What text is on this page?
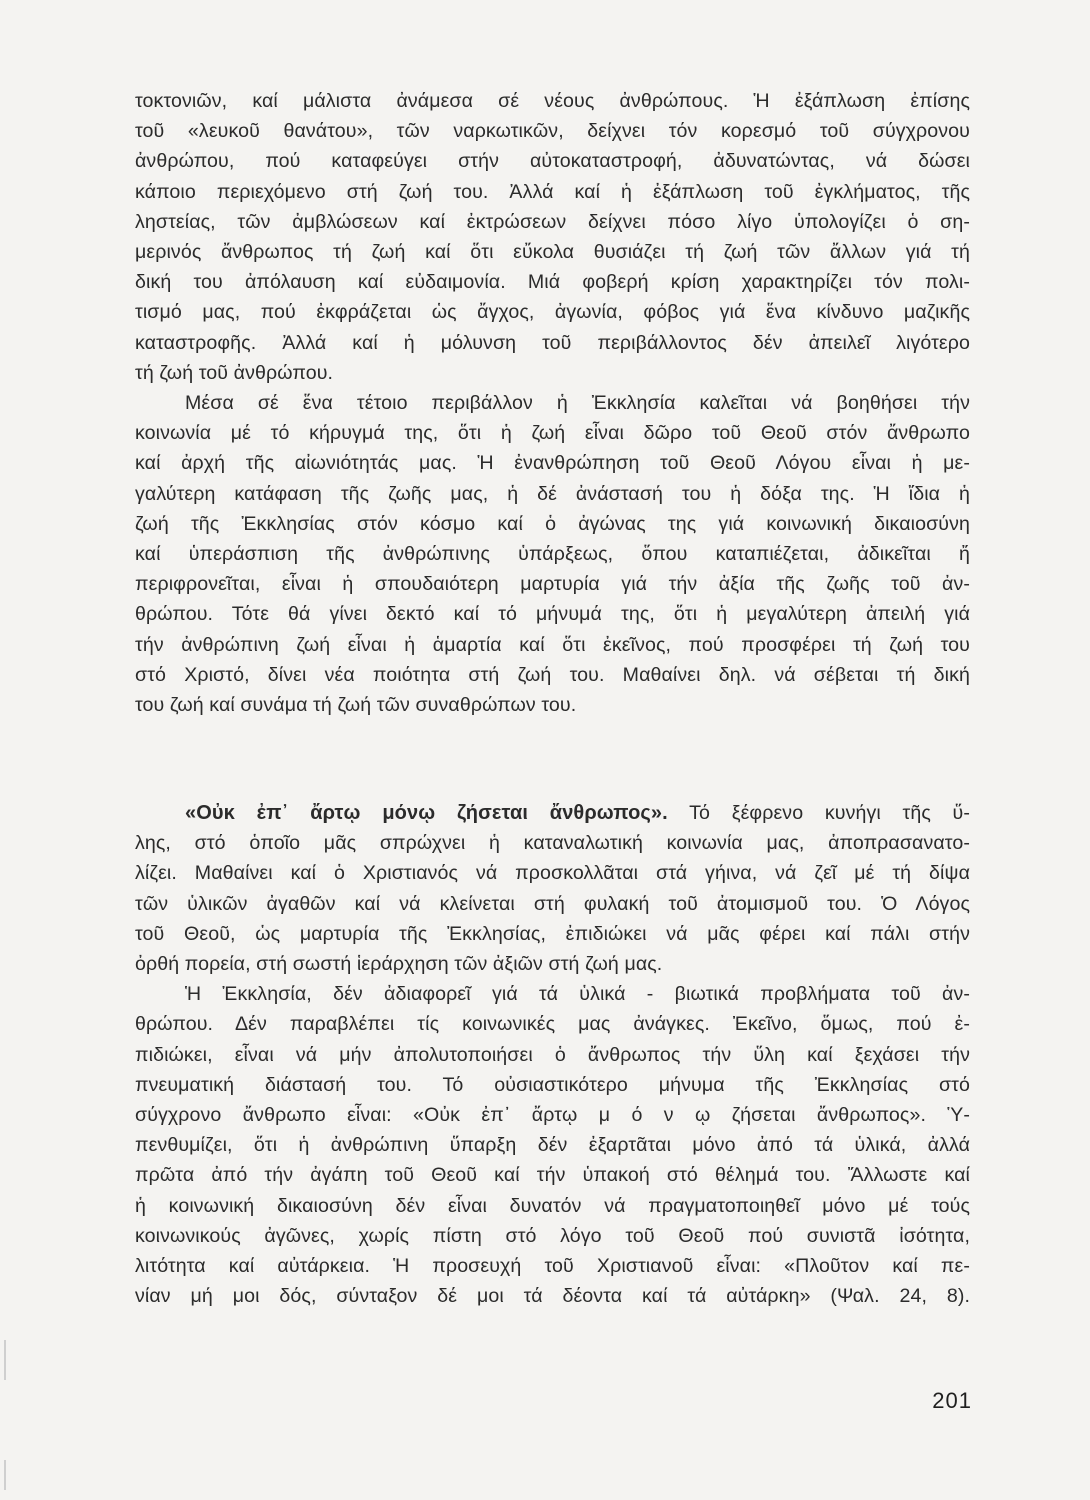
τοκτονιῶν, καί μάλιστα ἀνάμεσα σέ νέους ἀνθρώπους. Ἡ ἐξάπλωση ἐπίσης
τοῦ «λευκοῦ θανάτου», τῶν ναρκωτικῶν, δείχνει τόν κορεσμό τοῦ σύγχρονου
ἀνθρώπου, πού καταφεύγει στήν αὐτοκαταστροφή, ἀδυνατώντας, νά δώσει
κάποιο περιεχόμενο στή ζωή του. Ἀλλά καί ἡ ἐξάπλωση τοῦ ἐγκλήματος, τῆς
ληστείας, τῶν ἀμβλώσεων καί ἐκτρώσεων δείχνει πόσο λίγο ὑπολογίζει ὁ ση-
μερινός ἄνθρωπος τή ζωή καί ὅτι εὔκολα θυσιάζει τή ζωή τῶν ἄλλων γιά τή
δική του ἀπόλαυση καί εὐδαιμονία. Μιά φοβερή κρίση χαρακτηρίζει τόν πολι-
τισμό μας, πού ἐκφράζεται ὡς ἄγχος, ἀγωνία, φόβος γιά ἕνα κίνδυνο μαζικῆς
καταστροφῆς. Ἀλλά καί ἡ μόλυνση τοῦ περιβάλλοντος δέν ἀπειλεῖ λιγότερο
τή ζωή τοῦ ἀνθρώπου.
Μέσα σέ ἕνα τέτοιο περιβάλλον ἡ Ἐκκλησία καλεῖται νά βοηθήσει τήν
κοινωνία μέ τό κήρυγμά της, ὅτι ἡ ζωή εἶναι δῶρο τοῦ Θεοῦ στόν ἄνθρωπο
καί ἀρχή τῆς αἰωνιότητάς μας. Ἡ ἐνανθρώπηση τοῦ Θεοῦ Λόγου εἶναι ἡ με-
γαλύτερη κατάφαση τῆς ζωῆς μας, ἡ δέ ἀνάστασή του ἡ δόξα της. Ἡ ἴδια ἡ
ζωή τῆς Ἐκκλησίας στόν κόσμο καί ὁ ἀγώνας της γιά κοινωνική δικαιοσύνη
καί ὑπεράσπιση τῆς ἀνθρώπινης ὑπάρξεως, ὅπου καταπιέζεται, ἀδικεῖται ἤ
περιφρονεῖται, εἶναι ἡ σπουδαιότερη μαρτυρία γιά τήν ἀξία τῆς ζωῆς τοῦ ἀν-
θρώπου. Τότε θά γίνει δεκτό καί τό μήνυμά της, ὅτι ἡ μεγαλύτερη ἀπειλή γιά
τήν ἀνθρώπινη ζωή εἶναι ἡ ἁμαρτία καί ὅτι ἐκεῖνος, πού προσφέρει τή ζωή του
στό Χριστό, δίνει νέα ποιότητα στή ζωή του. Μαθαίνει δηλ. νά σέβεται τή δική
του ζωή καί συνάμα τή ζωή τῶν συναθρώπων του.
«Οὐκ ἐπ᾽ ἄρτῳ μόνῳ ζήσεται ἄνθρωπος». Τό ξέφρενο κυνήγι τῆς ὕ-
λης, στό ὁποῖο μᾶς σπρώχνει ἡ καταναλωτική κοινωνία μας, ἀποπρασανατο-
λίζει. Μαθαίνει καί ὁ Χριστιανός νά προσκολλᾶται στά γήινα, νά ζεῖ μέ τή δίψα
τῶν ὑλικῶν ἀγαθῶν καί νά κλείνεται στή φυλακή τοῦ ἀτομισμοῦ του. Ὁ Λόγος
τοῦ Θεοῦ, ὡς μαρτυρία τῆς Ἐκκλησίας, ἐπιδιώκει νά μᾶς φέρει καί πάλι στήν
ὀρθή πορεία, στή σωστή ἱεράρχηση τῶν ἀξιῶν στή ζωή μας.
Ἡ Ἐκκλησία, δέν ἀδιαφορεῖ γιά τά ὑλικά - βιωτικά προβλήματα τοῦ ἀν-
θρώπου. Δέν παραβλέπει τίς κοινωνικές μας ἀνάγκες. Ἐκεῖνο, ὅμως, πού ἐ-
πιδιώκει, εἶναι νά μήν ἀπολυτοποιήσει ὁ ἄνθρωπος τήν ὕλη καί ξεχάσει τήν
πνευματική διάστασή του. Τό οὐσιαστικότερο μήνυμα τῆς Ἐκκλησίας στό
σύγχρονο ἄνθρωπο εἶναι: «Οὐκ ἐπ᾽ ἄρτῳ μ ό ν ῳ ζήσεται ἄνθρωπος». Ὑ-
πενθυμίζει, ὅτι ἡ ἀνθρώπινη ὕπαρξη δέν ἐξαρτᾶται μόνο ἀπό τά ὑλικά, ἀλλά
πρῶτα ἀπό τήν ἀγάπη τοῦ Θεοῦ καί τήν ὑπακοή στό θέλημά του. Ἄλλωστε καί
ἡ κοινωνική δικαιοσύνη δέν εἶναι δυνατόν νά πραγματοποιηθεῖ μόνο μέ τούς
κοινωνικούς ἀγῶνες, χωρίς πίστη στό λόγο τοῦ Θεοῦ πού συνιστᾶ ἰσότητα,
λιτότητα καί αὐτάρκεια. Ἡ προσευχή τοῦ Χριστιανοῦ εἶναι: «Πλοῦτον καί πε-
νίαν μή μοι δός, σύνταξον δέ μοι τά δέοντα καί τά αὐτάρκη» (Ψαλ. 24, 8).
201
